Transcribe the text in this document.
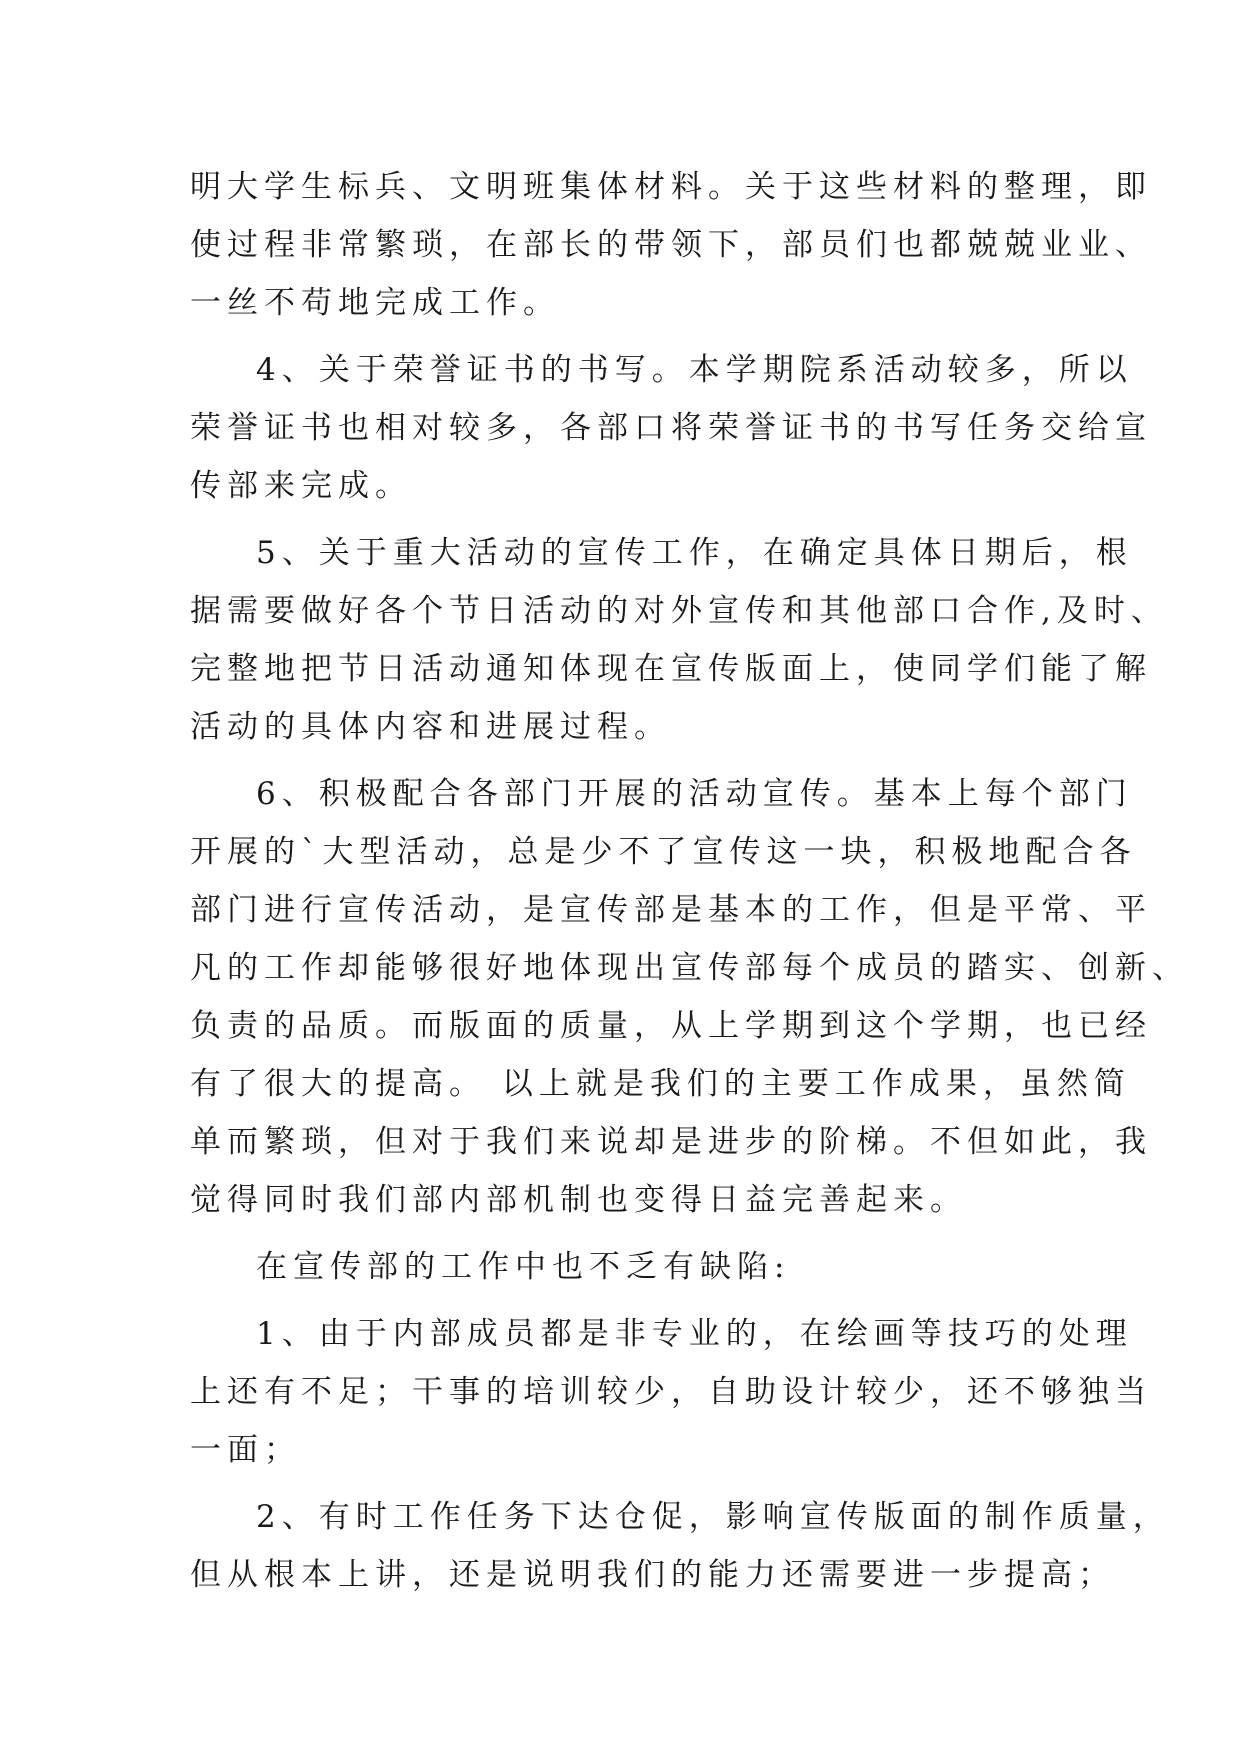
明大学生标兵、文明班集体材料。关于这些材料的整理，即
使过程非常繁琐，在部长的带领下，部员们也都兢兢业业、
一丝不苟地完成工作。
4、关于荣誉证书的书写。本学期院系活动较多，所以
荣誉证书也相对较多，各部口将荣誉证书的书写任务交给宣
传部来完成。
5、关于重大活动的宣传工作，在确定具体日期后，根
据需要做好各个节日活动的对外宣传和其他部口合作,及时、
完整地把节日活动通知体现在宣传版面上，使同学们能了解
活动的具体内容和进展过程。
6、积极配合各部门开展的活动宣传。基本上每个部门
开展的`大型活动，总是少不了宣传这一块，积极地配合各
部门进行宣传活动，是宣传部是基本的工作，但是平常、平
凡的工作却能够很好地体现出宣传部每个成员的踏实、创新、
负责的品质。而版面的质量，从上学期到这个学期，也已经
有了很大的提高。 以上就是我们的主要工作成果，虽然简
单而繁琐，但对于我们来说却是进步的阶梯。不但如此，我
觉得同时我们部内部机制也变得日益完善起来。
在宣传部的工作中也不乏有缺陷:
1、由于内部成员都是非专业的，在绘画等技巧的处理
上还有不足；干事的培训较少，自助设计较少，还不够独当
一面；
2、有时工作任务下达仓促，影响宣传版面的制作质量，
但从根本上讲，还是说明我们的能力还需要进一步提高；
